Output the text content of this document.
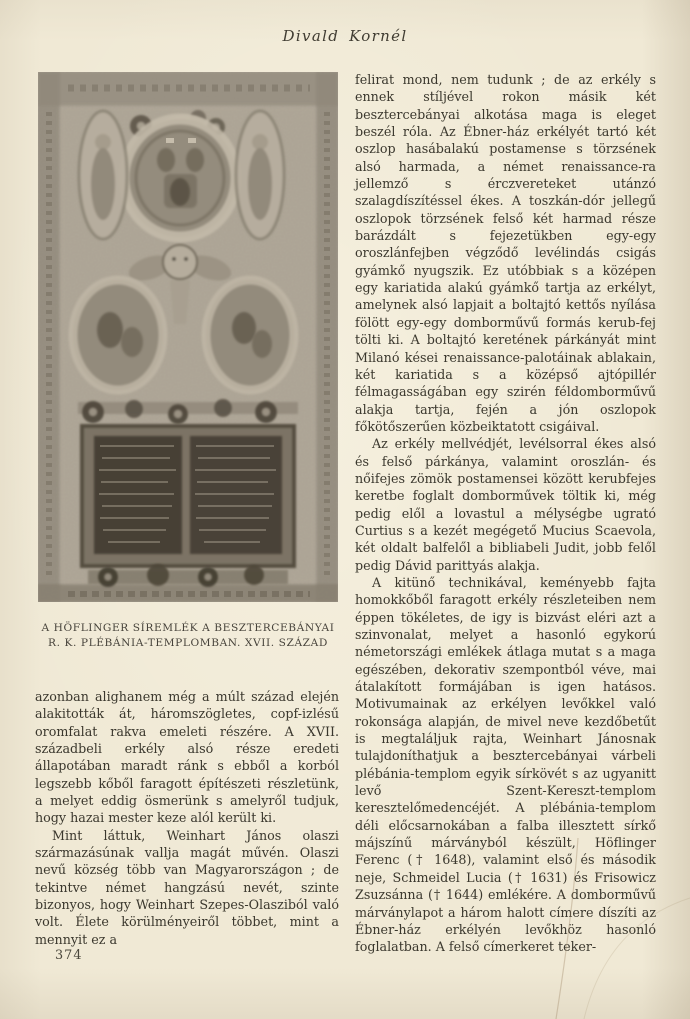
Divald Kornél
A HÖFLINGER SÍREMLÉK A BESZTERCEBÁNYAI
R. K. PLÉBÁNIA-TEMPLOMBAN. XVII. SZÁZAD

azonban alighanem még a múlt század elején alakitották át, háromszögletes, copf-izlésű oromfalat rakva emeleti részére. A XVII. századbeli erkély alsó része eredeti állapotában maradt ránk s ebből a korból legszebb kőből faragott építészeti részletünk, a melyet eddig ösmerünk s amelyről tudjuk, hogy hazai mester keze alól került ki.

Mint láttuk, Weinhart János olaszi származásúnak vallja magát művén. Olaszi nevű község több van Magyarországon ; de tekintve német hangzású nevét, szinte bizonyos, hogy Weinhart Szepes-Olasziból való volt. Élete körülményeiről többet, mint a mennyit ez a

felirat mond, nem tudunk ; de az erkély s ennek stíljével rokon másik két besztercebányai alkotása maga is eleget beszél róla. Az Ébner-ház erkélyét tartó két oszlop hasábalakú postamense s törzsének alsó harmada, a német renaissance-ra jellemző s érczvereteket utánzó szalagdíszítéssel ékes. A toszkán-dór jellegű oszlopok törzsének felső két harmad része barázdált s fejezetükben egy-egy oroszlánfejben végződő levélindás csigás gyámkő nyugszik. Ez utóbbiak s a középen egy kariatida alakú gyámkő tartja az erkélyt, amelynek alsó lapjait a boltajtó kettős nyílása fölött egy-egy domborművű formás kerub-fej tölti ki. A boltajtó keretének párkányát mint Milanó kései renaissance-palotáinak ablakain, két kariatida s a középső ajtópillér félmagasságában egy szirén féldomborművű alakja tartja, fején a jón oszlopok főkötőszerűen közbeiktatott csigáival.

Az erkély mellvédjét, levélsorral ékes alsó és felső párkánya, valamint oroszlán- és nőifejes zömök postamensei között kerubfejes keretbe foglalt domborművek töltik ki, még pedig elől a lovastul a mélységbe ugrató Curtius s a kezét megégető Mucius Scaevola, két oldalt balfelől a bibliabeli Judit, jobb felől pedig Dávid parittyás alakja.

A kitünő technikával, keményebb fajta homokkőből faragott erkély részleteiben nem éppen tökéletes, de igy is bizvást eléri azt a szinvonalat, melyet a hasonló egykorú németországi emlékek átlaga mutat s a maga egészében, dekorativ szempontból véve, mai átalakított formájában is igen hatásos. Motivumainak az erkélyen levőkkel való rokonsága alapján, de mivel neve kezdőbetűt is megtaláljuk rajta, Weinhart Jánosnak tulajdoníthatjuk a besztercebányai várbeli plébánia-templom egyik sírkövét s az ugyanitt levő Szent-Kereszt-templom keresztelőmedencéjét. A plébánia-templom déli előcsarnokában a falba illesztett sírkő májszínű márványból készült, Höflinger Ferenc († 1648), valamint első és második neje, Schmeidel Lucia († 1631) és Frisowicz Zsuzsánna († 1644) emlékére. A domborművű márványlapot a három halott címere díszíti az Ébner-ház erkélyén levőkhöz hasonló foglalatban. A felső címerkeret teker-

374
